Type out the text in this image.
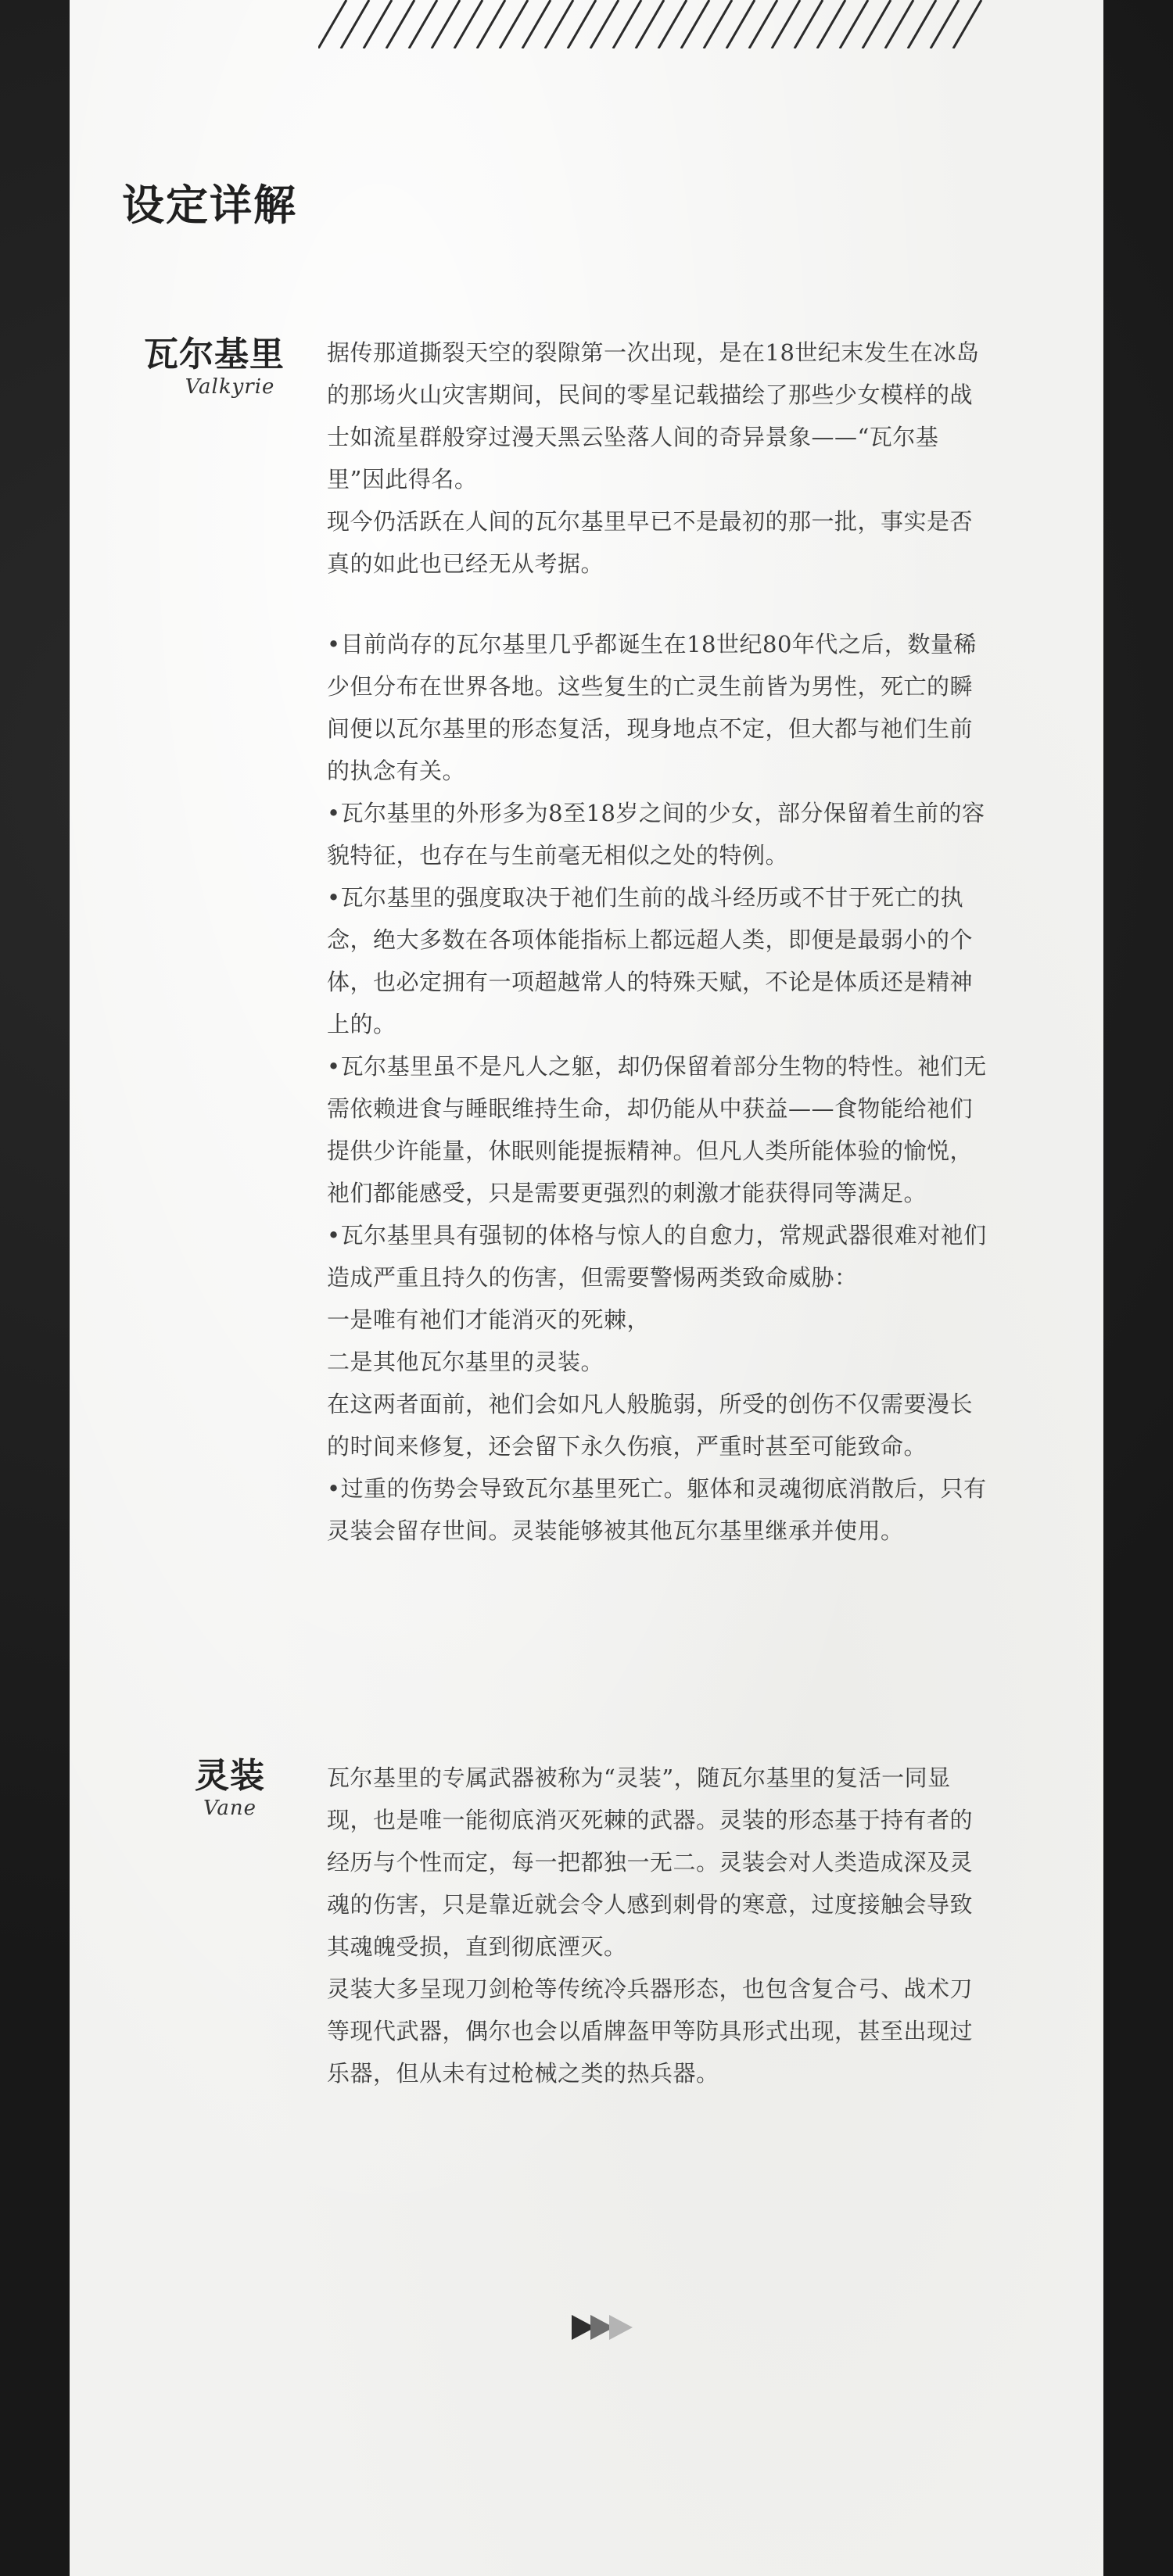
设定详解
瓦尔基里
Valkyrie

据传那道撕裂天空的裂隙第一次出现，是在18世纪末发生在冰岛的那场火山灾害期间，民间的零星记载描绘了那些少女模样的战士如流星群般穿过漫天黑云坠落人间的奇异景象——“瓦尔基里”因此得名。

现今仍活跃在人间的瓦尔基里早已不是最初的那一批，事实是否真的如此也已经无从考据。

•目前尚存的瓦尔基里几乎都诞生在18世纪80年代之后，数量稀少但分布在世界各地。这些复生的亡灵生前皆为男性，死亡的瞬间便以瓦尔基里的形态复活，现身地点不定，但大都与祂们生前的执念有关。

•瓦尔基里的外形多为8至18岁之间的少女，部分保留着生前的容貌特征，也存在与生前毫无相似之处的特例。

•瓦尔基里的强度取决于祂们生前的战斗经历或不甘于死亡的执念，绝大多数在各项体能指标上都远超人类，即便是最弱小的个体，也必定拥有一项超越常人的特殊天赋，不论是体质还是精神上的。

•瓦尔基里虽不是凡人之躯，却仍保留着部分生物的特性。祂们无需依赖进食与睡眠维持生命，却仍能从中获益——食物能给祂们提供少许能量，休眠则能提振精神。但凡人类所能体验的愉悦，祂们都能感受，只是需要更强烈的刺激才能获得同等满足。

•瓦尔基里具有强韧的体格与惊人的自愈力，常规武器很难对祂们造成严重且持久的伤害，但需要警惕两类致命威胁：

一是唯有祂们才能消灭的死棘，

二是其他瓦尔基里的灵装。

在这两者面前，祂们会如凡人般脆弱，所受的创伤不仅需要漫长的时间来修复，还会留下永久伤痕，严重时甚至可能致命。

•过重的伤势会导致瓦尔基里死亡。躯体和灵魂彻底消散后，只有灵装会留存世间。灵装能够被其他瓦尔基里继承并使用。

灵装
Vane

瓦尔基里的专属武器被称为“灵装”，随瓦尔基里的复活一同显现，也是唯一能彻底消灭死棘的武器。灵装的形态基于持有者的经历与个性而定，每一把都独一无二。灵装会对人类造成深及灵魂的伤害，只是靠近就会令人感到刺骨的寒意，过度接触会导致其魂魄受损，直到彻底湮灭。

灵装大多呈现刀剑枪等传统冷兵器形态，也包含复合弓、战术刀等现代武器，偶尔也会以盾牌盔甲等防具形式出现，甚至出现过乐器，但从未有过枪械之类的热兵器。
